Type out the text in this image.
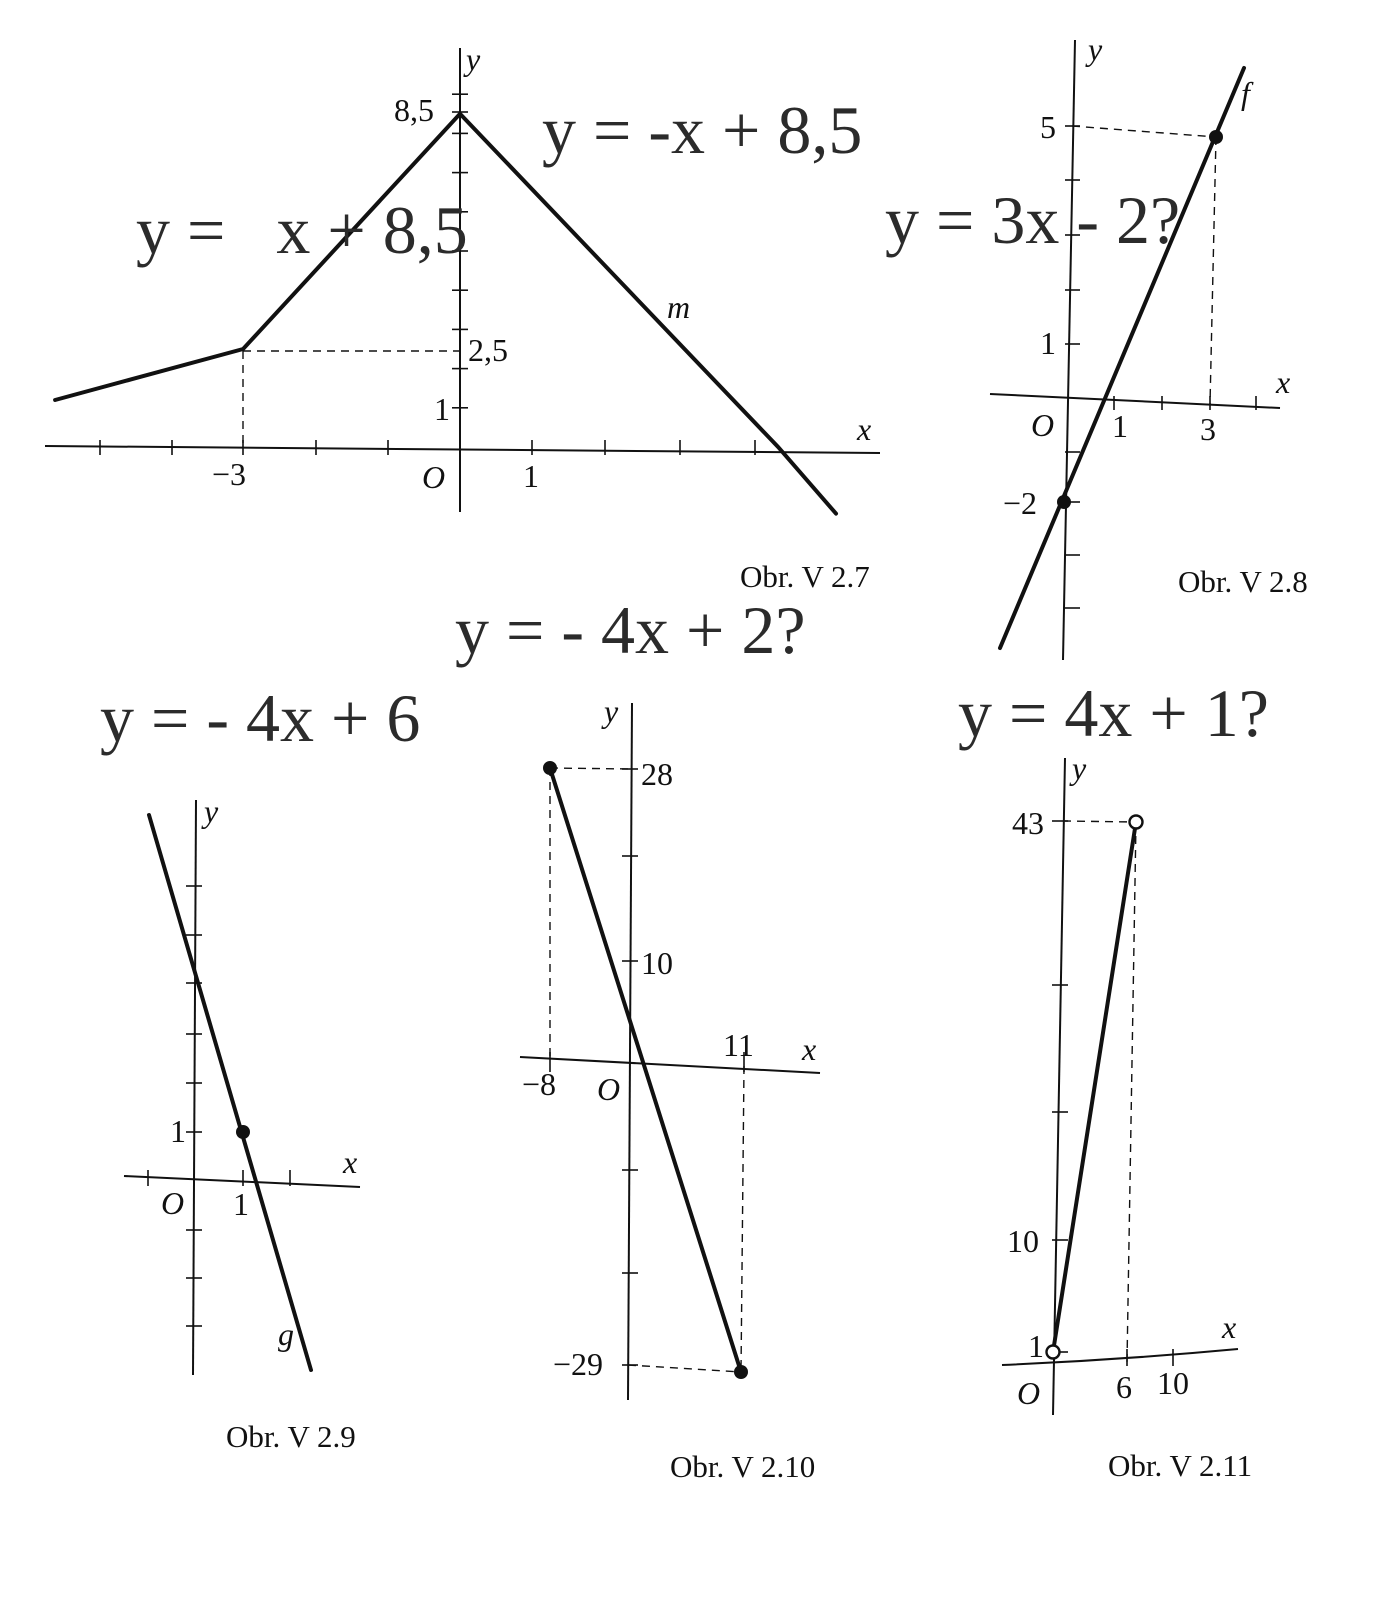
8,5
2,5
1
−3	1
O
x
y
m
Obr. V 2.7
5
1
−2
1 3
O
x
y
f
Obr. V 2.8
1
1
O
x
y
g
Obr. V 2.9
28
10
−29
−8
11
O
x
y
Obr. V 2.10
43
10
1
6 10
O
x
y
Obr. V 2.11
y = -x + 8,5
y =   x + 8,5	y = 3x - 2?
y = - 4x + 2?
y = - 4x + 6	y = 4x + 1?
